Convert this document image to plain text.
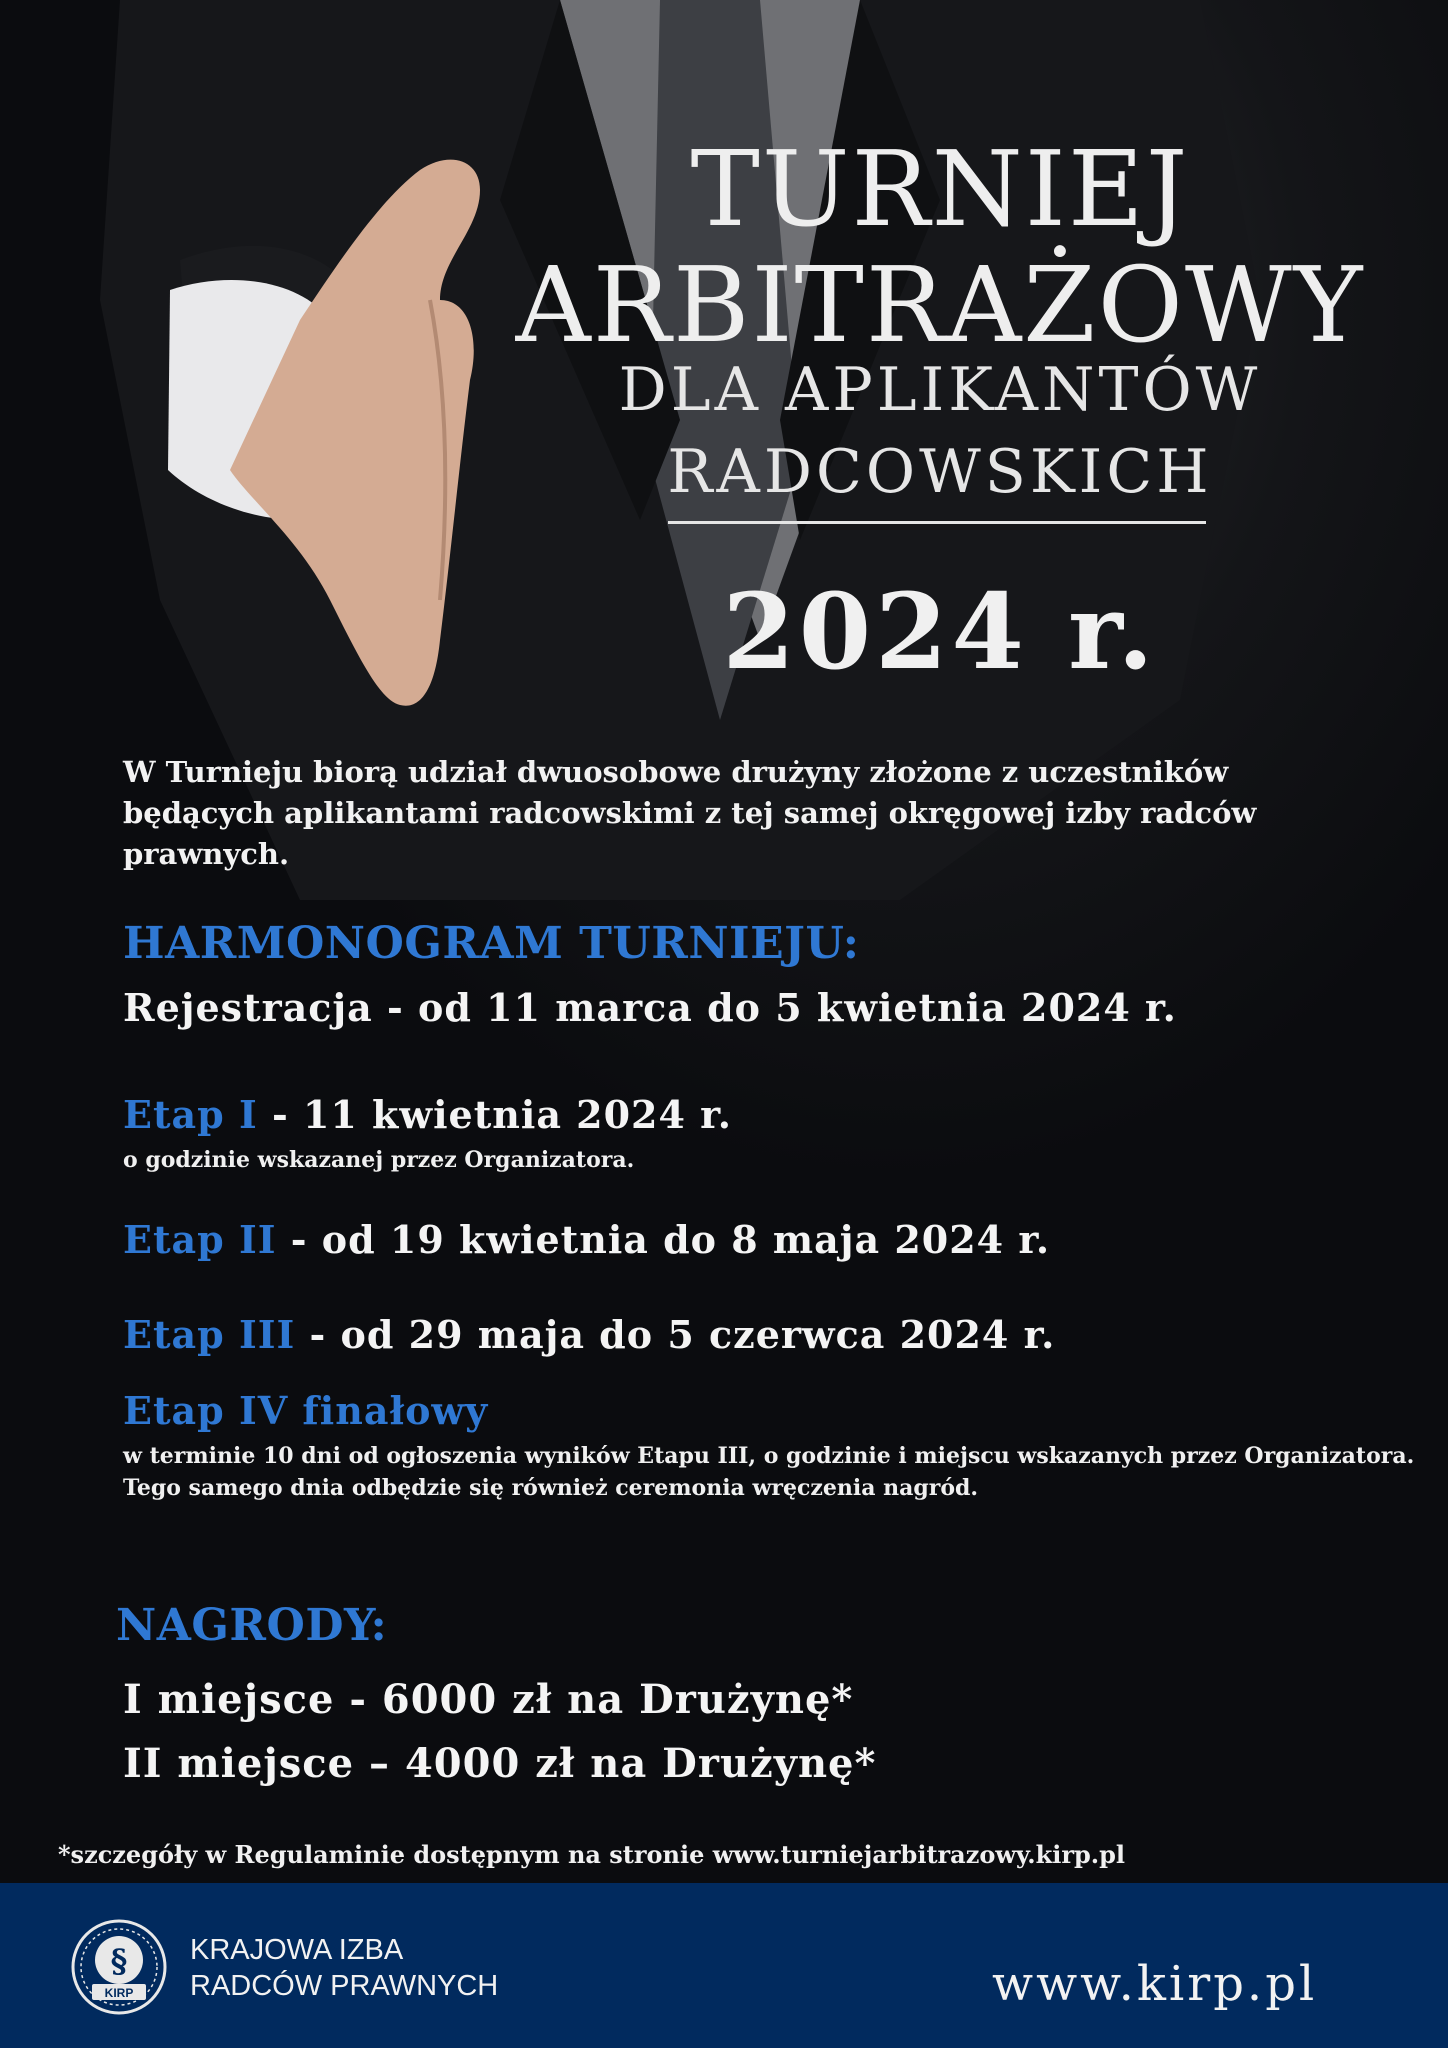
TURNIEJ
ARBITRAŻOWY
DLA APLIKANTÓW
RADCOWSKICH
2024 r.
W Turnieju biorą udział dwuosobowe drużyny złożone z uczestników będących aplikantami radcowskimi z tej samej okręgowej izby radców prawnych.
HARMONOGRAM TURNIEJU:
Rejestracja - od 11 marca do 5 kwietnia 2024 r.
Etap I - 11 kwietnia 2024 r.
o godzinie wskazanej przez Organizatora.
Etap II - od 19 kwietnia do 8 maja 2024 r.
Etap III - od 29 maja do 5 czerwca 2024 r.
Etap IV finałowy
w terminie 10 dni od ogłoszenia wyników Etapu III, o godzinie i miejscu wskazanych przez Organizatora.
Tego samego dnia odbędzie się również ceremonia wręczenia nagród.
NAGRODY:
I miejsce - 6000 zł na Drużynę*
II miejsce – 4000 zł na Drużynę*
*szczegóły w Regulaminie dostępnym na stronie www.turniejarbitrazowy.kirp.pl
§
KIRP
KRAJOWA IZBA
RADCÓW PRAWNYCH	www.kirp.pl
